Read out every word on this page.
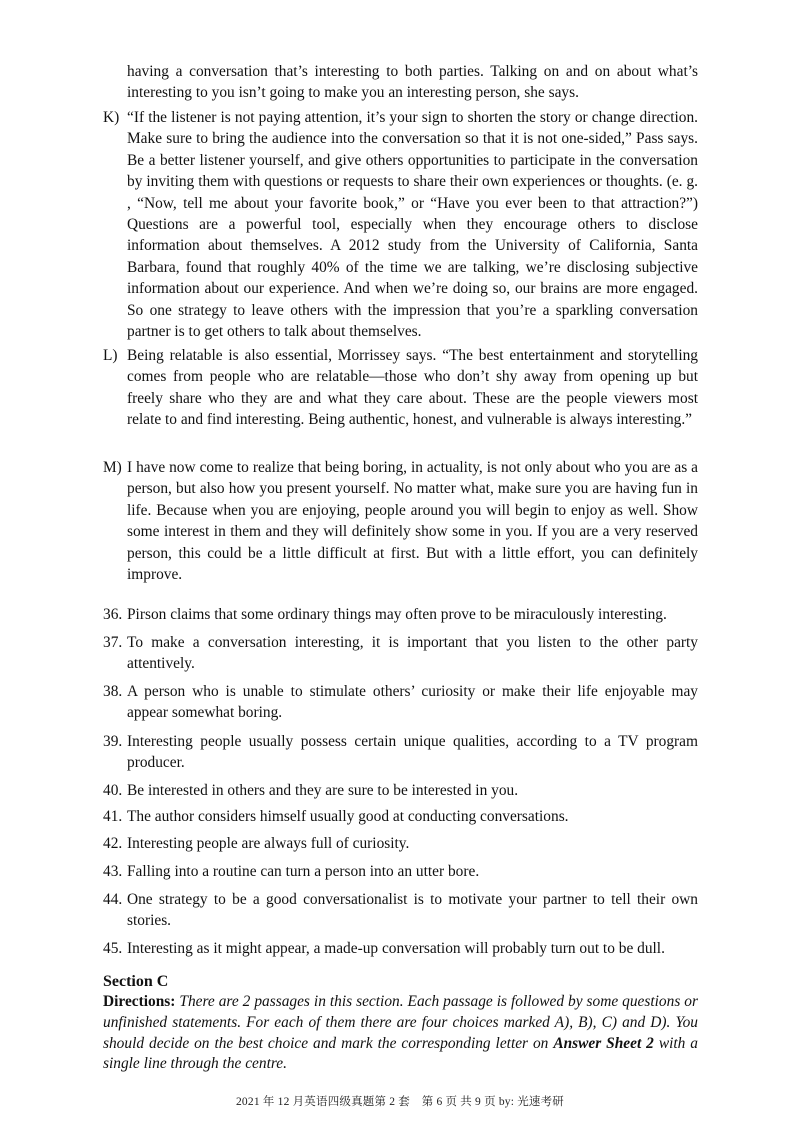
having a conversation that’s interesting to both parties. Talking on and on about what’s interesting to you isn’t going to make you an interesting person, she says.
K) “If the listener is not paying attention, it’s your sign to shorten the story or change direction. Make sure to bring the audience into the conversation so that it is not one-sided,” Pass says. Be a better listener yourself, and give others opportunities to participate in the conversation by inviting them with questions or requests to share their own experiences or thoughts. (e. g. , “Now, tell me about your favorite book,” or “Have you ever been to that attraction?”) Questions are a powerful tool, especially when they encourage others to disclose information about themselves. A 2012 study from the University of California, Santa Barbara, found that roughly 40% of the time we are talking, we’re disclosing subjective information about our experience. And when we’re doing so, our brains are more engaged. So one strategy to leave others with the impression that you’re a sparkling conversation partner is to get others to talk about themselves.
L) Being relatable is also essential, Morrissey says. “The best entertainment and storytelling comes from people who are relatable—those who don’t shy away from opening up but freely share who they are and what they care about. These are the people viewers most relate to and find interesting. Being authentic, honest, and vulnerable is always interesting.”
M) I have now come to realize that being boring, in actuality, is not only about who you are as a person, but also how you present yourself. No matter what, make sure you are having fun in life. Because when you are enjoying, people around you will begin to enjoy as well. Show some interest in them and they will definitely show some in you. If you are a very reserved person, this could be a little difficult at first. But with a little effort, you can definitely improve.
36. Pirson claims that some ordinary things may often prove to be miraculously interesting.
37. To make a conversation interesting, it is important that you listen to the other party attentively.
38. A person who is unable to stimulate others’ curiosity or make their life enjoyable may appear somewhat boring.
39. Interesting people usually possess certain unique qualities, according to a TV program producer.
40. Be interested in others and they are sure to be interested in you.
41. The author considers himself usually good at conducting conversations.
42. Interesting people are always full of curiosity.
43. Falling into a routine can turn a person into an utter bore.
44. One strategy to be a good conversationalist is to motivate your partner to tell their own stories.
45. Interesting as it might appear, a made-up conversation will probably turn out to be dull.
Section C
Directions: There are 2 passages in this section. Each passage is followed by some questions or unfinished statements. For each of them there are four choices marked A), B), C) and D). You should decide on the best choice and mark the corresponding letter on Answer Sheet 2 with a single line through the centre.
2021 年 12 月英语四级真题第 2 套　第 6 页 共 9 页 by: 光速考研
